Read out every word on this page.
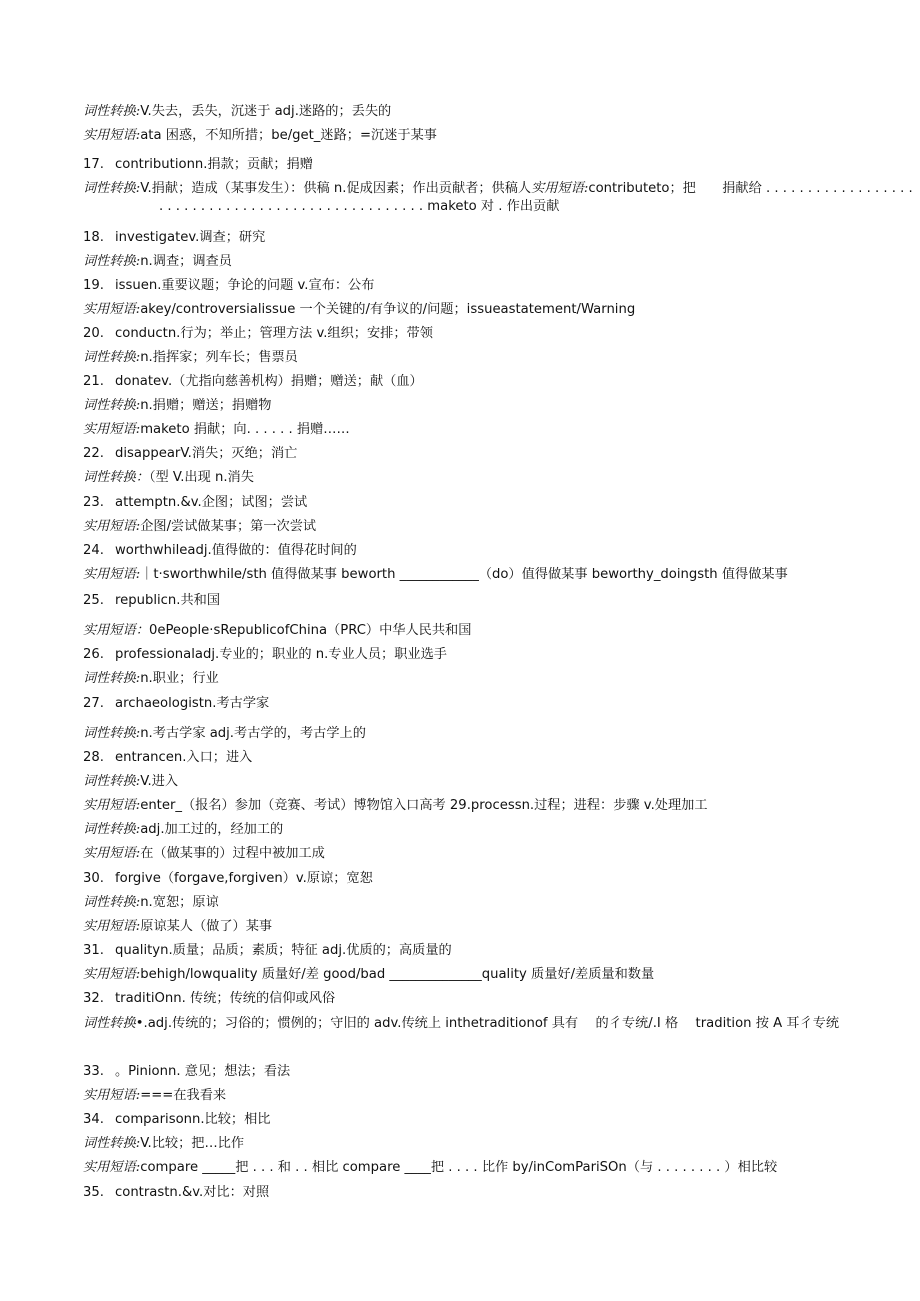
词性转换:V.失去，丢失，沉迷于 adj.迷路的；丢失的
实用短语:ata 困惑，不知所措；be/get_迷路；=沉迷于某事
17. contributionn.捐款；贡献；捐赠
词性转换:V.捐献；造成（某事发生）：供稿 n.促成因素；作出贡献者；供稿人实用短语:contributeto；把　　捐献给 . . . . . . . . . . . . . . . . . . . . . . . . . . . . . . . . . . . . . . . . . . . . . . . . . . maketo 对 . 作出贡献
18. investigatev.调查；研究
词性转换:n.调查；调查员
19. issuen.重要议题；争论的问题 v.宣布：公布
实用短语:akey/controversialissue 一个关键的/有争议的/问题；issueastatement/Warning
20. conductn.行为；举止；管理方法 v.组织；安排；带领
词性转换:n.指挥家；列车长；售票员
21. donatev.（尤指向慈善机构）捐赠；赠送；献（血）
词性转换:n.捐赠；赠送；捐赠物
实用短语:maketo 捐献；向. . . . . . 捐赠……
22. disappearV.消失；灭绝；消亡
词性转换：（型 V.出现 n.消失
23. attemptn.&v.企图；试图；尝试
实用短语:企图/尝试做某事；第一次尝试
24. worthwhileadj.值得做的：值得花时间的
实用短语:｜t·sworthwhile/sth 值得做某事 beworth ____________（do）值得做某事 beworthy_doingsth 值得做某事
25. republicn.共和国
实用短语：0ePeople·sRepublicofChina（PRC）中华人民共和国
26. professionaladj.专业的；职业的 n.专业人员；职业选手
词性转换:n.职业；行业
27. archaeologistn.考古学家
词性转换:n.考古学家 adj.考古学的，考古学上的
28. entrancen.入口；进入
词性转换:V.进入
实用短语:enter_（报名）参加（竞赛、考试）博物馆入口高考 29.processn.过程；进程：步骤 v.处理加工
词性转换:adj.加工过的，经加工的
实用短语:在（做某事的）过程中被加工成
30. forgive（forgave,forgiven）v.原谅；宽恕
词性转换:n.宽恕；原谅
实用短语:原谅某人（做了）某事
31. qualityn.质量；品质；素质；特征 adj.优质的；高质量的
实用短语:behigh/lowquality 质量好/差 good/bad ______________quality 质量好/差质量和数量
32. traditiOnn. 传统；传统的信仰或风俗
词性转换•.adj.传统的；习俗的；惯例的；守旧的 adv.传统上 inthetraditionof 具有　 的彳专统/.I 格　 tradition 按 A 耳彳专统
33. 。Pinionn. 意见；想法；看法
实用短语:===在我看来
34. comparisonn.比较；相比
词性转换:V.比较；把…比作
实用短语:compare _____把 . . . 和 . . 相比 compare ____把 . . . . 比作 by/inComPariSOn（与 . . . . . . . . ）相比较
35. contrastn.&v.对比：对照
